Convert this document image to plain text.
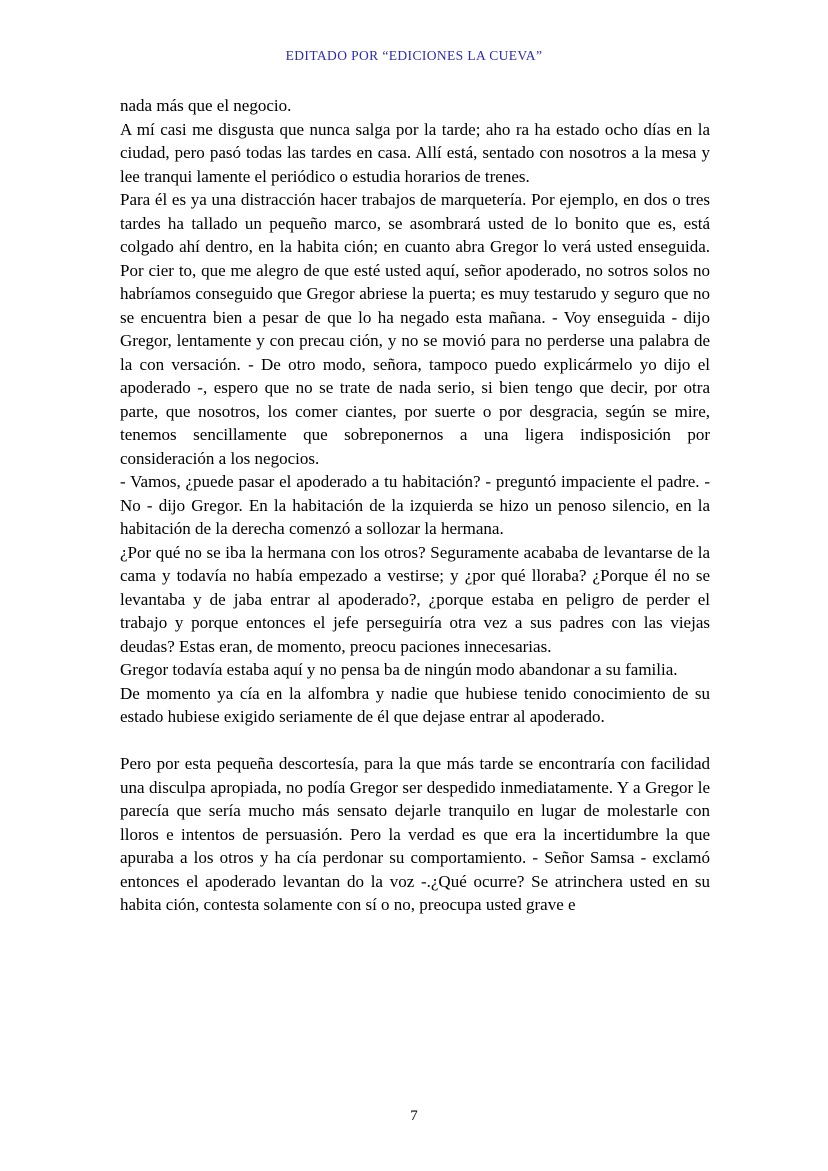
EDITADO POR “EDICIONES LA CUEVA”

nada más que el negocio.

A mí casi me disgusta que nunca salga por la tarde; aho ra ha estado ocho días en la ciudad, pero pasó todas las tardes en casa. Allí está, sentado con nosotros a la mesa y lee tranqui lamente el periódico o estudia horarios de trenes.

Para él es ya una distracción hacer trabajos de marquetería. Por ejemplo, en dos o tres tardes ha tallado un pequeño marco, se asombrará usted de lo bonito que es, está colgado ahí dentro, en la habita ción; en cuanto abra Gregor lo verá usted enseguida. Por cier to, que me alegro de que esté usted aquí, señor apoderado, no sotros solos no habríamos conseguido que Gregor abriese la puerta; es muy testarudo y seguro que no se encuentra bien a pesar de que lo ha negado esta mañana. - Voy enseguida - dijo Gregor, lentamente y con precau ción, y no se movió para no perderse una palabra de la con versación. - De otro modo, señora, tampoco puedo explicármelo yo dijo el apoderado -, espero que no se trate de nada serio, si bien tengo que decir, por otra parte, que nosotros, los comer ciantes, por suerte o por desgracia, según se mire, tenemos sencillamente que sobreponernos a una ligera indisposición por consideración a los negocios.

- Vamos, ¿puede pasar el apoderado a tu habitación? - preguntó impaciente el padre. - No - dijo Gregor. En la habitación de la izquierda se hizo un penoso silencio, en la habitación de la derecha comenzó a sollozar la hermana.

¿Por qué no se iba la hermana con los otros? Seguramente acababa de levantarse de la cama y todavía no había empezado a vestirse; y ¿por qué lloraba? ¿Porque él no se levantaba y de jaba entrar al apoderado?, ¿porque estaba en peligro de perder el trabajo y porque entonces el jefe perseguiría otra vez a sus padres con las viejas deudas? Estas eran, de momento, preocu paciones innecesarias.

Gregor todavía estaba aquí y no pensa ba de ningún modo abandonar a su familia.

De momento ya cía en la alfombra y nadie que hubiese tenido conocimiento de su estado hubiese exigido seriamente de él que dejase entrar al apoderado.

Pero por esta pequeña descortesía, para la que más tarde se encontraría con facilidad una disculpa apropiada, no podía Gregor ser despedido inmediatamente. Y a Gregor le parecía que sería mucho más sensato dejarle tranquilo en lugar de molestarle con lloros e intentos de persuasión. Pero la verdad es que era la incertidumbre la que apuraba a los otros y ha cía perdonar su comportamiento. - Señor Samsa - exclamó entonces el apoderado levantan do la voz -.¿Qué ocurre? Se atrinchera usted en su habita ción, contesta solamente con sí o no, preocupa usted grave e

7
